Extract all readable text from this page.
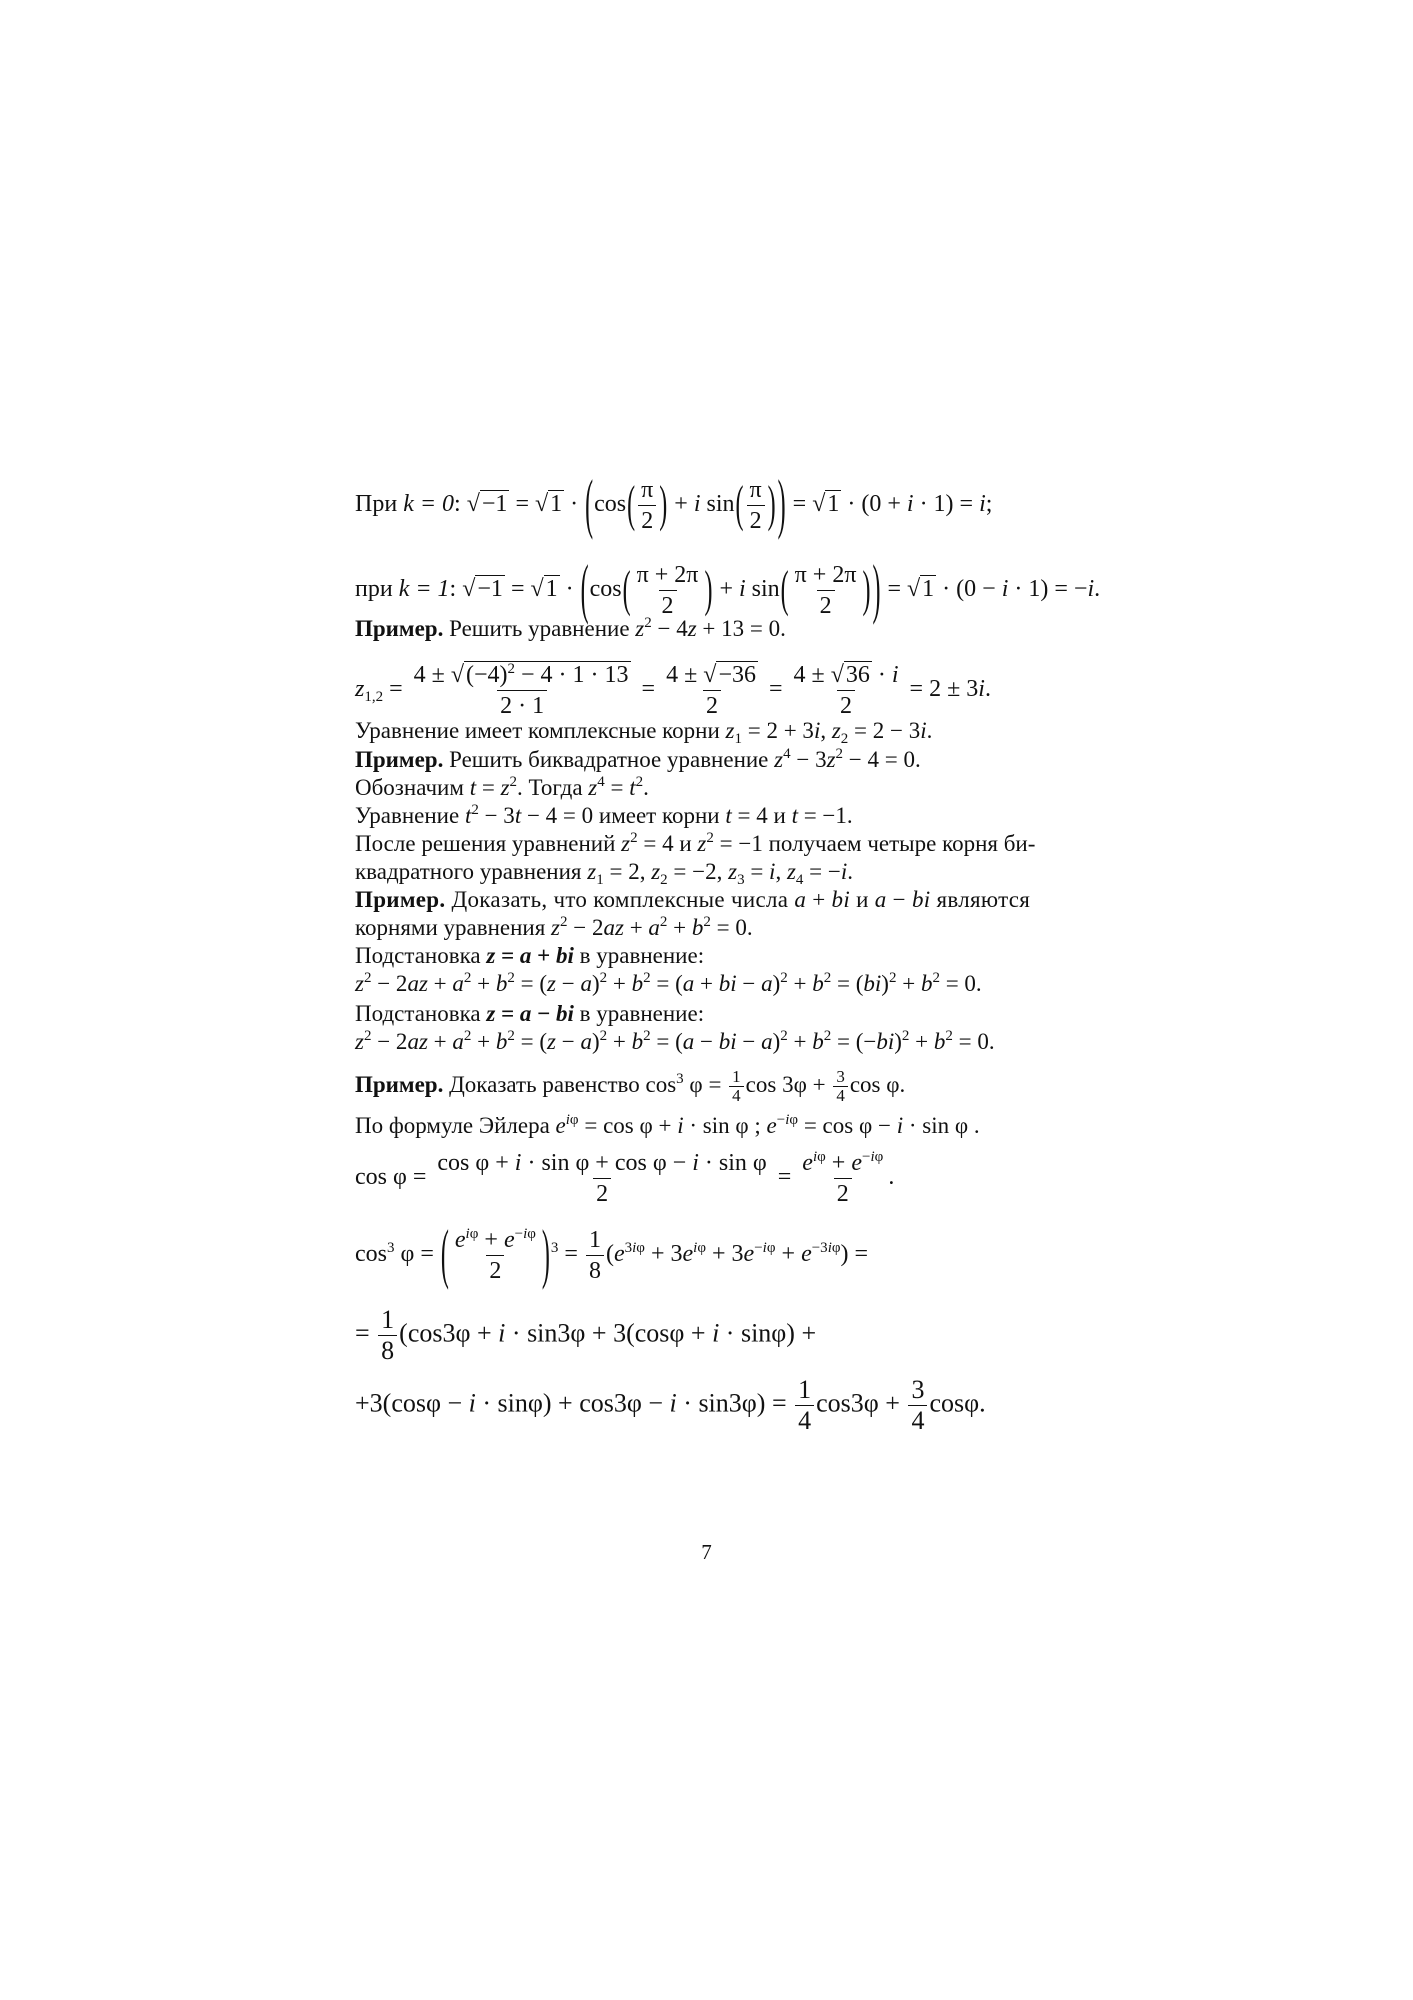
При k = 0: $√-1 = √1 \cdot (\cos( \frac{\pi}{2}$ ) + i $\sin( \frac{\pi}{2}$ )) = √1 · (0 + i · 1) = i;
при k = 1: $√-1 = √1 \cdot (\cos( \frac{\pi + 2\pi}{2}$ ) + i $\sin( \frac{\pi + 2\pi}{2}$ )) = √1 · (0 − i · 1) = −i.
Пример. Решить уравнение $z^2 - 4z + 13 = 0$.
$z_{1,2} = \frac{4 \pm √(-4)^2 - 4 \cdot 1 \cdot 13}{2 \cdot 1} = \frac{4 \pm √-36}{2} = \frac{4 \pm √36 \cdot i}{2} = 2 \pm 3i$.
Уравнение имеет комплексные корни $z_1 = 2 + 3i$, $z_2 = 2 - 3i$.
Пример. Решить биквадратное уравнение $z^4 - 3z^2 - 4 = 0$.
Обозначим $t = z^2$. Тогда $z^4 = t^2$.
Уравнение $t^2 - 3t - 4 = 0$ имеет корни t = 4 и t = −1.
После решения уравнений $z^2 = 4$ и $z^2 = -1$ получаем четыре корня би-
квадратного уравнения $z_1 = 2$, $z_2 = -2$, $z_3 = i$, $z_4 = -i$.
Пример. Доказать, что комплексные числа a + bi и a − bi являются
корнями уравнения $z^2 - 2az + a^2 + b^2 = 0$.
Подстановка z = a + bi в уравнение:
$z^2 - 2az + a^2 + b^2 = (z - a)^2 + b^2 = (a$ + bi − $a)^2 + b^2 = (bi)^2 + b^2 = 0$.
Подстановка z = a − bi в уравнение:
$z^2 - 2az + a^2 + b^2 = (z - a)^2 + b^2 = (a$ − bi − $a)^2 + b^2 = (-bi)^2 + b^2 = 0$.
Пример. Доказать равенство $\cos^3 \varphi = \frac{1}{4}$ $\cos 3\varphi + \frac{3}{4}$ cos φ.
По формуле Эйлера $e^{i\varphi} = \cos \varphi + i \cdot \sin \varphi$ ; $e^{-i\varphi} = \cos \varphi - i \cdot \sin \varphi$ .
$\cos \varphi = \frac{\text{cos φ + i · sin φ + cos φ − i · sin φ}}{2} = \frac{e^{i\varphi} + e^{-i\varphi}}{2}$ .
$\cos^3 \varphi$ = ( $\frac{e^{i\varphi} + e^{-i\varphi}}{2} )^3 = \frac{1}{8} (e^{3i\varphi} + 3e^{i\varphi} + 3e^{-i\varphi} + e^{-3i\varphi})$ =
= $\frac{1}{8} (\cos 3\varphi + i \cdot \sin 3\varphi + 3(\cos\varphi + i \cdot \sin\varphi)$ +
$+3(\cos\varphi - i \cdot \sin\varphi) + \cos 3\varphi - i \cdot \sin 3\varphi) = \frac{1}{4} \cos 3\varphi + \frac{3}{4} \cos\varphi$.
7
